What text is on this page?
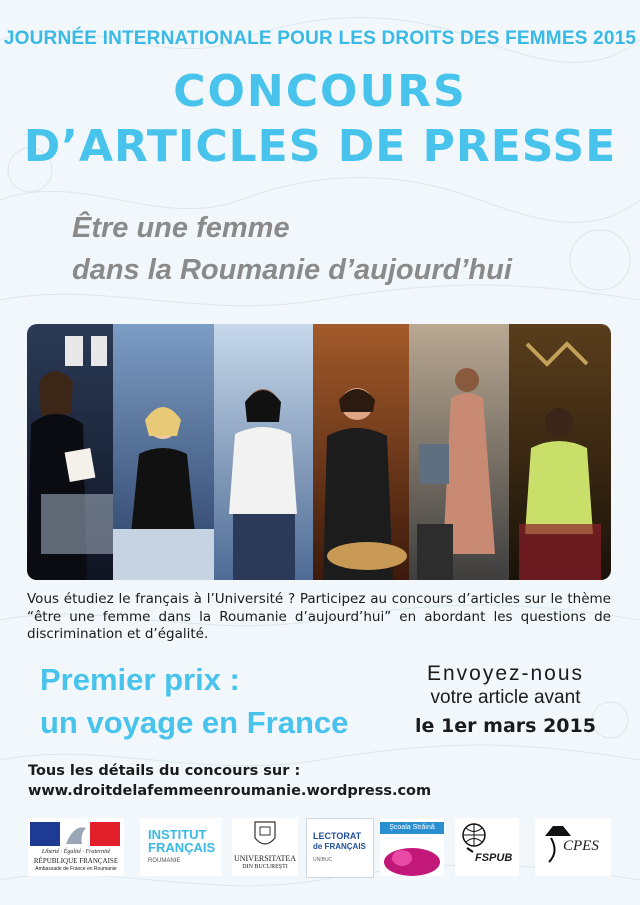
JOURNÉE INTERNATIONALE POUR LES DROITS DES FEMMES 2015
CONCOURS
D’ARTICLES DE PRESSE
Être une femme
dans la Roumanie d’aujourd’hui

Vous étudiez le français à l’Université ? Participez au concours d’articles sur le thème “être une femme dans la Roumanie d’aujourd’hui” en abordant les questions de discrimination et d’égalité.

Premier prix :
un voyage en France
Envoyez-nous
votre article avant
le 1er mars 2015
Tous les détails du concours sur :
www.droitdelafemmeenroumanie.wordpress.com
Liberté · Égalité · Fraternité
RÉPUBLIQUE FRANÇAISE
Ambassade de France en Roumanie
INSTITUT
FRANÇAIS
ROUMANIE	UNIVERSITATEA
DIN BUCUREȘTI
LECTORAT
de FRANÇAIS
UNIBUC
Școala Străină
FSPUB
CPES
